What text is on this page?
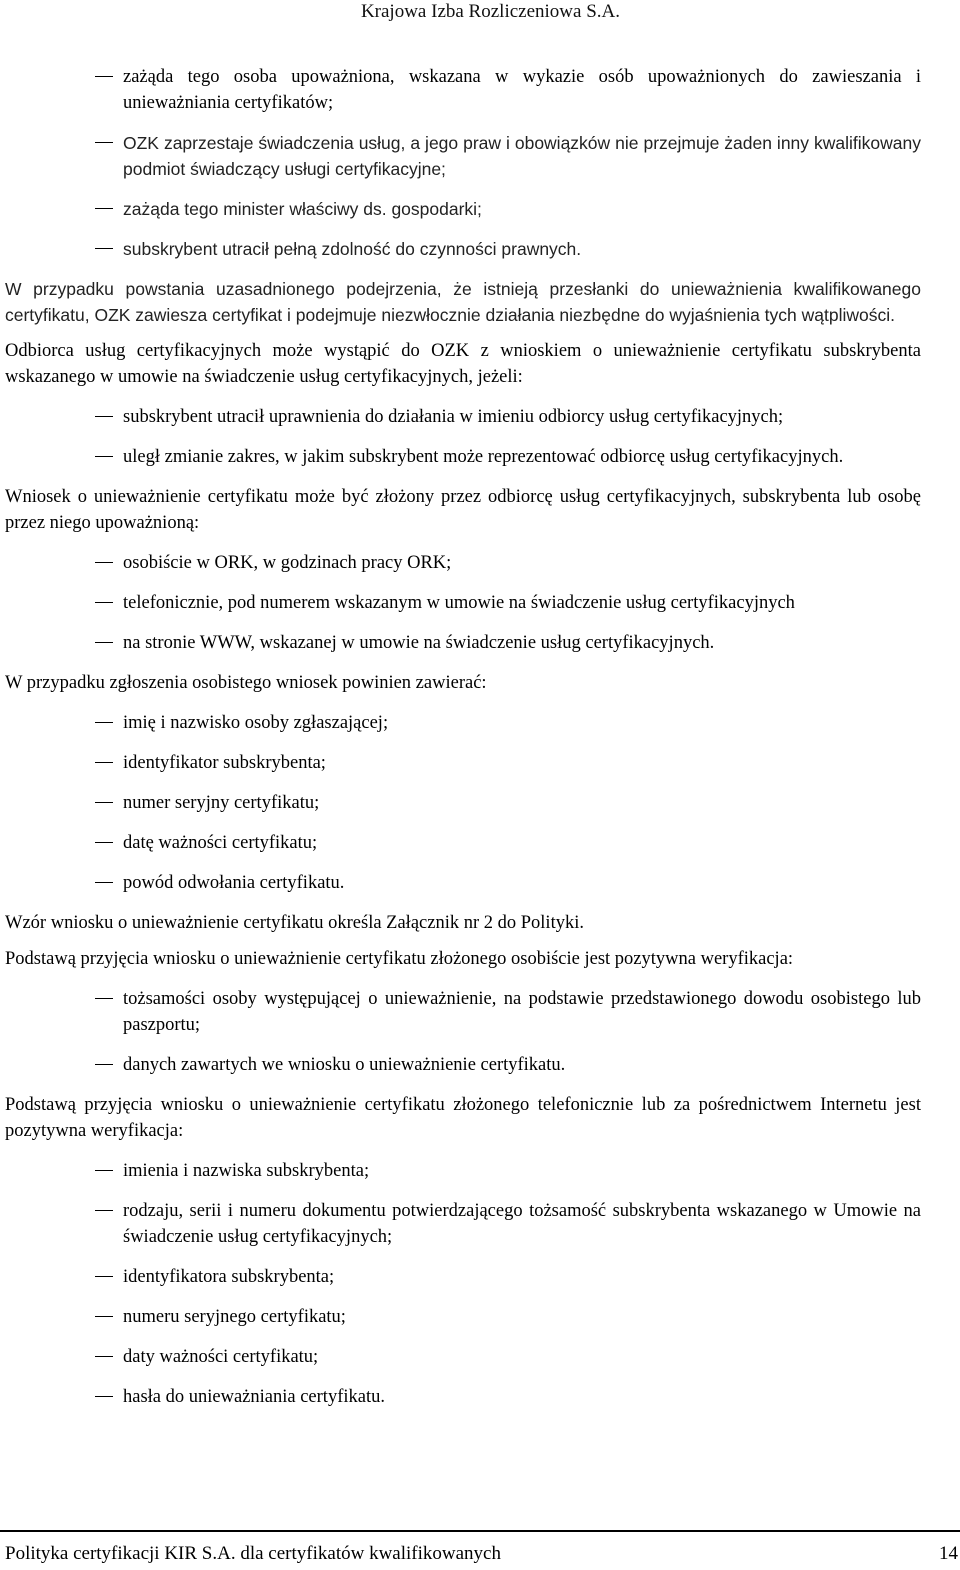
Krajowa Izba Rozliczeniowa S.A.
zażąda tego osoba upoważniona, wskazana w wykazie osób upoważnionych do zawieszania i unieważniania certyfikatów;
OZK zaprzestaje świadczenia usług, a jego praw i obowiązków nie przejmuje żaden inny kwalifikowany podmiot świadczący usługi certyfikacyjne;
zażąda tego minister właściwy ds. gospodarki;
subskrybent utracił pełną zdolność do czynności prawnych.

W przypadku powstania uzasadnionego podejrzenia, że istnieją przesłanki do unieważnienia kwalifikowanego certyfikatu, OZK zawiesza certyfikat i podejmuje niezwłocznie działania niezbędne do wyjaśnienia tych wątpliwości.

Odbiorca usług certyfikacyjnych może wystąpić do OZK z wnioskiem o unieważnienie certyfikatu subskrybenta wskazanego w umowie na świadczenie usług certyfikacyjnych, jeżeli:

subskrybent utracił uprawnienia do działania w imieniu odbiorcy usług certyfikacyjnych;
uległ zmianie zakres, w jakim subskrybent może reprezentować odbiorcę usług certyfikacyjnych.

Wniosek o unieważnienie certyfikatu może być złożony przez odbiorcę usług certyfikacyjnych, subskrybenta lub osobę przez niego upoważnioną:

osobiście w ORK, w godzinach pracy ORK;
telefonicznie, pod numerem wskazanym w umowie na świadczenie usług certyfikacyjnych
na stronie WWW, wskazanej w umowie na świadczenie usług certyfikacyjnych.

W przypadku zgłoszenia osobistego wniosek powinien zawierać:

imię i nazwisko osoby zgłaszającej;
identyfikator subskrybenta;
numer seryjny certyfikatu;
datę ważności certyfikatu;
powód odwołania certyfikatu.

Wzór wniosku o unieważnienie certyfikatu określa Załącznik nr 2 do Polityki.

Podstawą przyjęcia wniosku o unieważnienie certyfikatu złożonego osobiście jest pozytywna weryfikacja:

tożsamości osoby występującej o unieważnienie, na podstawie przedstawionego dowodu osobistego lub paszportu;
danych zawartych we wniosku o unieważnienie certyfikatu.

Podstawą przyjęcia wniosku o unieważnienie certyfikatu złożonego telefonicznie lub za pośrednictwem Internetu jest pozytywna weryfikacja:

imienia i nazwiska subskrybenta;
rodzaju, serii i numeru dokumentu potwierdzającego tożsamość subskrybenta wskazanego w Umowie na świadczenie usług certyfikacyjnych;
identyfikatora subskrybenta;
numeru seryjnego certyfikatu;
daty ważności certyfikatu;
hasła do unieważniania certyfikatu.
Polityka certyfikacji KIR S.A. dla certyfikatów kwalifikowanych	14
